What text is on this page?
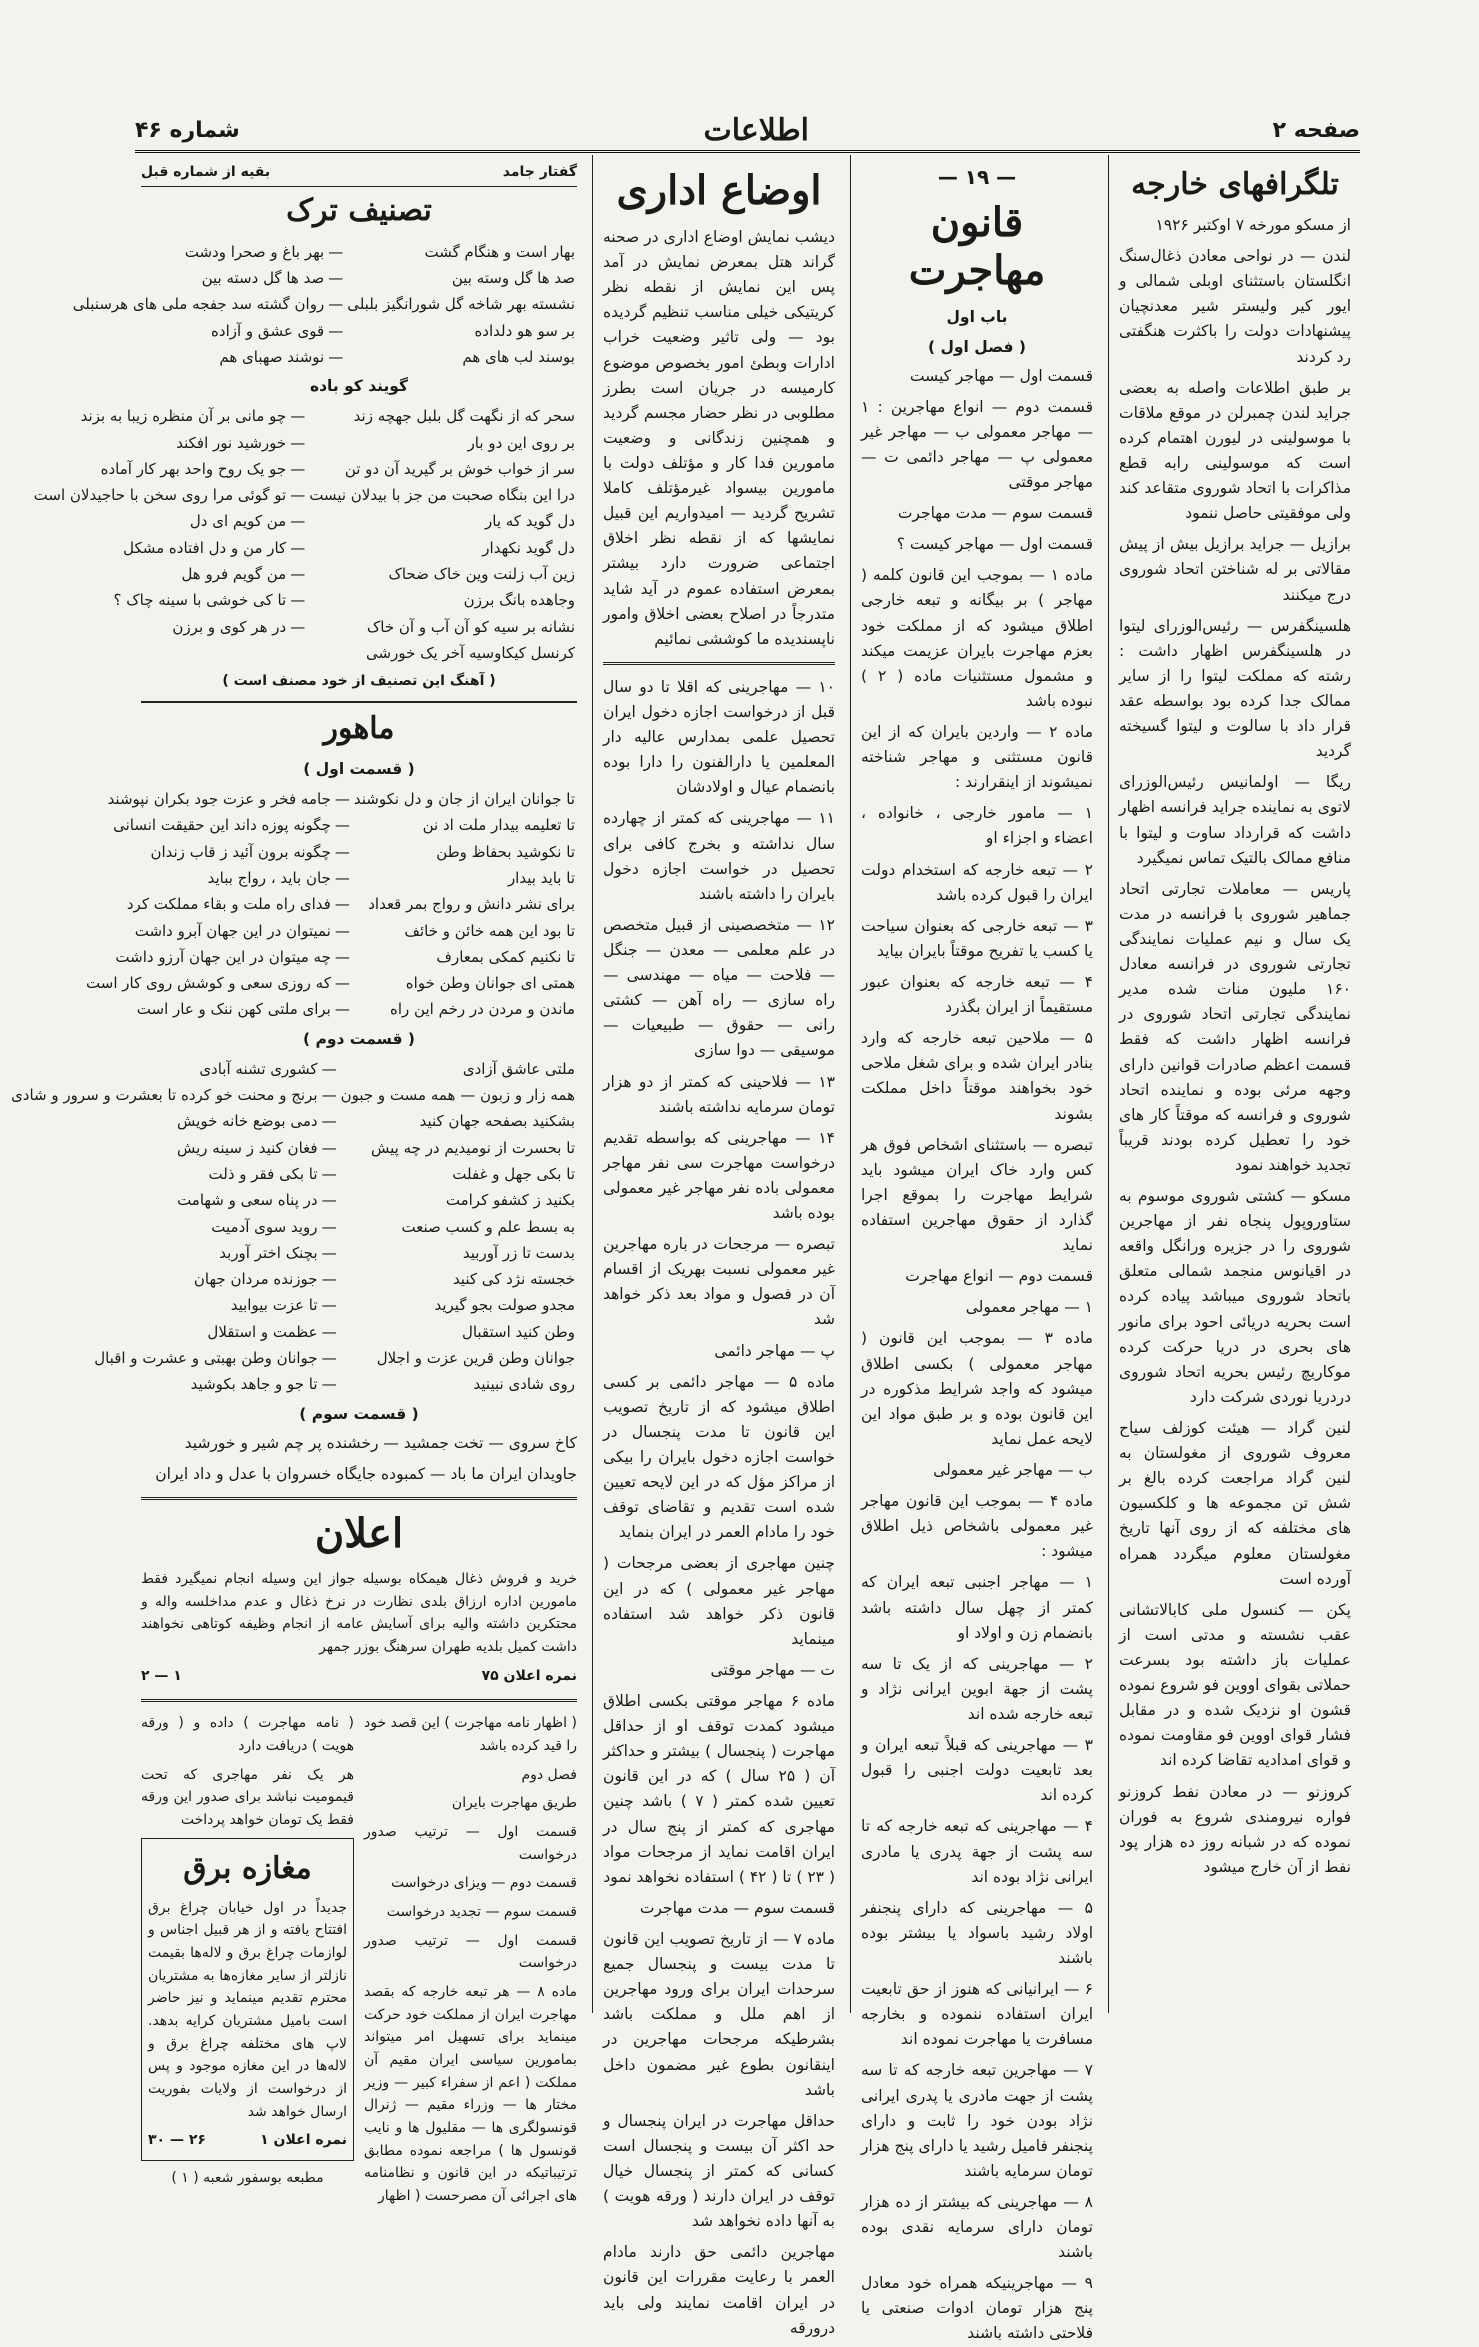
صفحه ۲
اطلاعات
شماره ۴۶
تلگرافهای خارجه

از مسکو مورخه ۷ اوکتبر ۱۹۲۶

لندن — در نواحی معادن ذغال‌سنگ انگلستان باستثنای اوبلی شمالی و ایور کیر ولیستر شیر معدنچیان پیشنهادات دولت را باکثرت هنگفتی رد کردند

بر طبق اطلاعات واصله به بعضی جراید لندن چمبرلن در موقع ملاقات با موسولینی در لیورن اهتمام کرده است که موسولینی رابه قطع مذاکرات با اتحاد شوروی متقاعد کند ولی موفقیتی حاصل ننمود

برازیل — جراید برازیل بیش از پیش مقالاتی بر له شناختن اتحاد شوروی درج میکنند

هلسینگفرس — رئیس‌الوزرای لیتوا در هلسینگفرس اظهار داشت : رشته که مملکت لیتوا را از سایر ممالک جدا کرده بود بواسطه عقد قرار داد با سالوت و لیتوا گسیخته گردید

ریگا — اولمانیس رئیس‌الوزرای لاتوی به نماینده جراید فرانسه اظهار داشت که قرارداد ساوت و لیتوا با منافع ممالک بالتیک تماس نمیگیرد

پاریس — معاملات تجارتی اتحاد جماهیر شوروی با فرانسه در مدت یک سال و نیم عملیات نمایندگی تجارتی شوروی در فرانسه معادل ۱۶۰ ملیون منات شده مدیر نمایندگی تجارتی اتحاد شوروی در فرانسه اظهار داشت که فقط قسمت اعظم صادرات قوانین دارای وجهه مرئی بوده و نماینده اتحاد شوروی و فرانسه که موقتاً کار های خود را تعطیل کرده بودند قریباً تجدید خواهند نمود

مسکو — کشتی شوروی موسوم به ستاوروپول پنجاه نفر از مهاجرین شوروی را در جزیره ورانگل واقعه در اقیانوس منجمد شمالی متعلق باتحاد شوروی میباشد پیاده کرده است بحریه دریائی احود برای مانور های بحری در دریا حرکت کرده موکاریچ رئیس بحریه اتحاد شوروی دردریا نوردی شرکت دارد

لنین گراد — هیئت کوزلف سیاح معروف شوروی از مغولستان به لنین گراد مراجعت کرده بالغ بر شش تن مجموعه ها و کلکسیون های مختلفه که از روی آنها تاریخ مغولستان معلوم میگردد همراه آورده است

پکن — کنسول ملی کابالاتشانی عقب نشسته و مدتی است از عملیات باز داشته بود بسرعت حملاتی بقوای اووین فو شروع نموده قشون او نزدیک شده و در مقابل فشار قوای اووین فو مقاومت نموده و قوای امدادیه تقاضا کرده اند

کروزنو — در معادن نفط کروزنو فواره نیرومندی شروع به فوران نموده که در شبانه روز ده هزار پود نفط از آن خارج میشود

— ۱۹ —
قانون مهاجرت
باب اول
( فصل اول )

قسمت اول — مهاجر کیست

قسمت دوم — انواع مهاجرین : ۱ — مهاجر معمولی ب — مهاجر غیر معمولی پ — مهاجر دائمی ت — مهاجر موقتی

قسمت سوم — مدت مهاجرت

قسمت اول — مهاجر کیست ؟

ماده ۱ — بموجب این قانون کلمه ( مهاجر ) بر بیگانه و تبعه خارجی اطلاق میشود که از مملکت خود بعزم مهاجرت بایران عزیمت میکند و مشمول مستثنیات ماده ( ۲ ) نبوده باشد

ماده ۲ — واردین بایران که از این قانون مستثنی و مهاجر شناخته نمیشوند از اینقرارند :

۱ — مامور خارجی ، خانواده ، اعضاء و اجزاء او

۲ — تبعه خارجه که استخدام دولت ایران را قبول کرده باشد

۳ — تبعه خارجی که بعنوان سیاحت یا کسب یا تفریح موقتاً بایران بیاید

۴ — تبعه خارجه که بعنوان عبور مستقیماً از ایران بگذرد

۵ — ملاحین تبعه خارجه که وارد بنادر ایران شده و برای شغل ملاحی خود بخواهند موقتاً داخل مملکت بشوند

تبصره — باستثنای اشخاص فوق هر کس وارد خاک ایران میشود باید شرایط مهاجرت را بموقع اجرا گذارد از حقوق مهاجرین استفاده نماید

قسمت دوم — انواع مهاجرت

۱ — مهاجر معمولی

ماده ۳ — بموجب این قانون ( مهاجر معمولی ) بکسی اطلاق میشود که واجد شرایط مذکوره در این قانون بوده و بر طبق مواد این لایحه عمل نماید

ب — مهاجر غیر معمولی

ماده ۴ — بموجب این قانون مهاجر غیر معمولی باشخاص ذیل اطلاق میشود :

۱ — مهاجر اجنبی تبعه ایران که کمتر از چهل سال داشته باشد بانضمام زن و اولاد او

۲ — مهاجرینی که از یک تا سه پشت از جهة ابوین ایرانی نژاد و تبعه خارجه شده اند

۳ — مهاجرینی که قبلاً تبعه ایران و بعد تابعیت دولت اجنبی را قبول کرده اند

۴ — مهاجرینی که تبعه خارجه که تا سه پشت از جهة پدری یا مادری ایرانی نژاد بوده اند

۵ — مهاجرینی که دارای پنجنفر اولاد رشید باسواد یا بیشتر بوده باشند

۶ — ایرانیانی که هنوز از حق تابعیت ایران استفاده ننموده و بخارجه مسافرت یا مهاجرت نموده اند

۷ — مهاجرین تبعه خارجه که تا سه پشت از جهت مادری یا پدری ایرانی نژاد بودن خود را ثابت و دارای پنجنفر فامیل رشید یا دارای پنج هزار تومان سرمایه باشند

۸ — مهاجرینی که بیشتر از ده هزار تومان دارای سرمایه نقدی بوده باشند

۹ — مهاجرینیکه همراه خود معادل پنج هزار تومان ادوات صنعتی یا فلاحتی داشته باشند

اوضاع اداری

دیشب نمایش اوضاع اداری در صحنه گراند هتل بمعرض نمایش در آمد پس این نمایش از نقطه نظر کریتیکی خیلی مناسب تنظیم گردیده بود — ولی تاثیر وضعیت خراب ادارات وبطئ امور بخصوص موضوع کارمیسه در جریان است بطرز مطلوبی در نظر حضار مجسم گردید و همچنین زندگانی و وضعیت مامورین فدا کار و مؤتلف دولت با مامورین بیسواد غیرمؤتلف کاملا تشریح گردید — امیدواریم این قبیل نمایشها که از نقطه نظر اخلاق اجتماعی ضرورت دارد بیشتر بمعرض استفاده عموم در آید شاید متدرجاً در اصلاح بعضی اخلاق وامور ناپسندیده ما کوششی نمائیم

۱۰ — مهاجرینی که اقلا تا دو سال قبل از درخواست اجازه دخول ایران تحصیل علمی بمدارس عالیه دار المعلمین یا دارالفنون را دارا بوده بانضمام عیال و اولادشان

۱۱ — مهاجرینی که کمتر از چهارده سال نداشته و بخرج کافی برای تحصیل در خواست اجازه دخول بایران را داشته باشند

۱۲ — متخصصینی از قبیل متخصص در علم معلمی — معدن — جنگل — فلاحت — میاه — مهندسی — راه سازی — راه آهن — کشتی رانی — حقوق — طبیعیات — موسیقی — دوا سازی

۱۳ — فلاحینی که کمتر از دو هزار تومان سرمایه نداشته باشند

۱۴ — مهاجرینی که بواسطه تقدیم درخواست مهاجرت سی نفر مهاجر معمولی باده نفر مهاجر غیر معمولی بوده باشد

تبصره — مرجحات در باره مهاجرین غیر معمولی نسبت بهریک از اقسام آن در فصول و مواد بعد ذکر خواهد شد

پ — مهاجر دائمی

ماده ۵ — مهاجر دائمی بر کسی اطلاق میشود که از تاریخ تصویب این قانون تا مدت پنجسال در خواست اجازه دخول بایران را بیکی از مراکز مؤل که در این لایحه تعیین شده است تقدیم و تقاضای توقف خود را مادام العمر در ایران بنماید

چنین مهاجری از بعضی مرجحات ( مهاجر غیر معمولی ) که در این قانون ذکر خواهد شد استفاده مینماید

ت — مهاجر موقتی

ماده ۶ مهاجر موقتی بکسی اطلاق میشود کمدت توقف او از حداقل مهاجرت ( پنجسال ) بیشتر و حداکثر آن ( ۲۵ سال ) که در این قانون تعیین شده کمتر ( ۷ ) باشد چنین مهاجری که کمتر از پنج سال در ایران اقامت نماید از مرجحات مواد ( ۲۳ ) تا ( ۴۲ ) استفاده نخواهد نمود

قسمت سوم — مدت مهاجرت

ماده ۷ — از تاریخ تصویب این قانون تا مدت بیست و پنجسال جمیع سرحدات ایران برای ورود مهاجرین از اهم ملل و مملکت باشد بشرطیکه مرجحات مهاجرین در اینقانون بطوع غیر مضمون داخل باشد

حداقل مهاجرت در ایران پنجسال و حد اکثر آن بیست و پنجسال است کسانی که کمتر از پنجسال خیال توقف در ایران دارند ( ورقه هویت ) به آنها داده نخواهد شد

مهاجرین دائمی حق دارند مادام العمر با رعایت مقررات این قانون در ایران اقامت نمایند ولی باید درورقه

گفتار جامد
بقیه از شماره قبل
تصنیف ترک
بهار است و هنگام گشت	—	بهر باغ و صحرا ودشت
صد ها گل وسته بین	—	صد ها گل دسته بین
نشسته بهر شاخه گل شورانگیز بلبلی	—	روان گشته سد جفجه ملی های هرسنبلی
بر سو هو دلداده	—	قوی عشق و آزاده
بوسند لب های هم	—	نوشند صهبای هم
گویند کو باده
سحر که از نگهت گل بلبل جهچه زند	—	چو مانی بر آن منظره زیبا به بزند
بر روی این دو بار	—	خورشید نور افکند
سر از خواب خوش بر گیرید آن دو تن	—	جو یک روح واحد بهر کار آماده
درا این بنگاه صحبت من جز با بیدلان نیست	—	تو گوئی مرا روی سخن با حاجیدلان است
دل گوید که یار	—	من کویم ای دل
دل گوید نکهدار	—	کار من و دل افتاده مشکل
زین آب زلنت وین خاک ضحاک	—	من گویم فرو هل
وجاهده بانگ برزن	—	تا کی خوشی با سینه چاک ؟
نشانه بر سیه کو آن آب و آن خاک	—	در هر کوی و برزن
کرنسل کیکاوسیه آخر یک خورشی		
( آهنگ این تصنیف از خود مصنف است )
ماهور
( قسمت اول )
تا جوانان ایران از جان و دل نکوشند	—	جامه فخر و عزت جود بکران نپوشند
تا تعلیمه بیدار ملت اد نن	—	چگونه پوزه داند این حقیقت انسانی
تا نکوشید بحفاظ وطن	—	چگونه برون آئید ز قاب زندان
تا باید بیدار	—	جان باید ، رواج بباید
برای نشر دانش و رواج بمر قعداد	—	فدای راه ملت و بقاء مملکت کرد
تا بود این همه خائن و خائف	—	نمیتوان در این جهان آبرو داشت
تا نکنیم کمکی بمعارف	—	چه میتوان در این جهان آرزو داشت
همتی ای جوانان وطن خواه	—	که روزی سعی و کوشش روی کار است
ماندن و مردن در رخم این راه	—	برای ملتی کهن ننک و عار است
( قسمت دوم )
ملتی عاشق آزادی	—	کشوری تشنه آبادی
همه زار و زبون — همه مست و جبون	—	برنج و محنت خو کرده تا بعشرت و سرور و شادی
بشکنید بصفحه جهان کنید	—	دمی بوضع خانه خویش
تا بحسرت از نومیدیم در چه پیش	—	فغان کنید ز سینه ریش
تا بکی جهل و غفلت	—	تا بکی فقر و ذلت
بکنید ز کشفو کرامت	—	در پناه سعی و شهامت
به بسط علم و کسب صنعت	—	روید سوی آدمیت
بدست تا زر آوربید	—	بچنک اختر آوربد
خجسته نژد کی کنید	—	جوزنده مردان جهان
مجدو صولت بجو گیرید	—	تا عزت بیوابید
وطن کنید استقبال	—	عظمت و استقلال
جوانان وطن قرین عزت و اجلال	—	جوانان وطن بهبتی و عشرت و اقبال
روی شادی نبینید	—	تا جو و جاهد بکوشید
( قسمت سوم )

کاخ سروی — تخت جمشید — رخشنده پر چم شیر و خورشید

جاویدان ایران ما باد — کمبوده جایگاه خسروان با عدل و داد ایران

اعلان
خرید و فروش ذغال هیمکاه بوسیله جواز این وسیله انجام نمیگیرد فقط مامورین اداره ارزاق بلدی نظارت در نرخ ذغال و عدم مداخلسه واله و محتکرین داشته والیه برای آسایش عامه از انجام وظیفه کوتاهی نخواهند داشت کمیل بلدیه طهران سرهنگ بوزر جمهر
نمره اعلان ۷۵
۱ — ۲

( اظهار نامه مهاجرت ) این قصد خود را قید کرده باشد

فصل دوم

طریق مهاجرت بایران

قسمت اول — ترتیب صدور درخواست

قسمت دوم — ویزای درخواست

قسمت سوم — تجدید درخواست

قسمت اول — ترتیب صدور درخواست

ماده ۸ — هر تبعه خارجه که بقصد مهاجرت ایران از مملکت خود حرکت مینماید برای تسهیل امر میتواند بمامورین سیاسی ایران مقیم آن مملکت ( اعم از سفراء کبیر — وزیر مختار ها — وزراء مقیم — ژنرال قونسولگری ها — مقلیول ها و نایب قونسول ها ) مراجعه نموده مطابق ترتیباتیکه در این قانون و نظامنامه های اجرائی آن مصرحست ( اظهار

( نامه مهاجرت ) داده و ( ورقه هویت ) دریافت دارد

هر یک نفر مهاجری که تحت قیمومیت نباشد برای صدور این ورقه فقط یک تومان خواهد پرداخت

مغازه برق
جدیداً در اول خیابان چراغ برق افتتاح یافته و از هر قبیل اجناس و لوازمات چراغ برق و لاله‌ها بقیمت نازلتر از سایر مغازه‌ها به مشتریان محترم تقدیم مینماید و نیز حاضر است بامیل مشتریان کرایه بدهد. لاپ های مختلفه چراغ برق و لاله‌ها در این مغازه موجود و پس از درخواست از ولایات بفوریت ارسال خواهد شد
نمره اعلان ۱
۲۶ — ۳۰
مطبعه بوسفور شعبه ( ۱ )
